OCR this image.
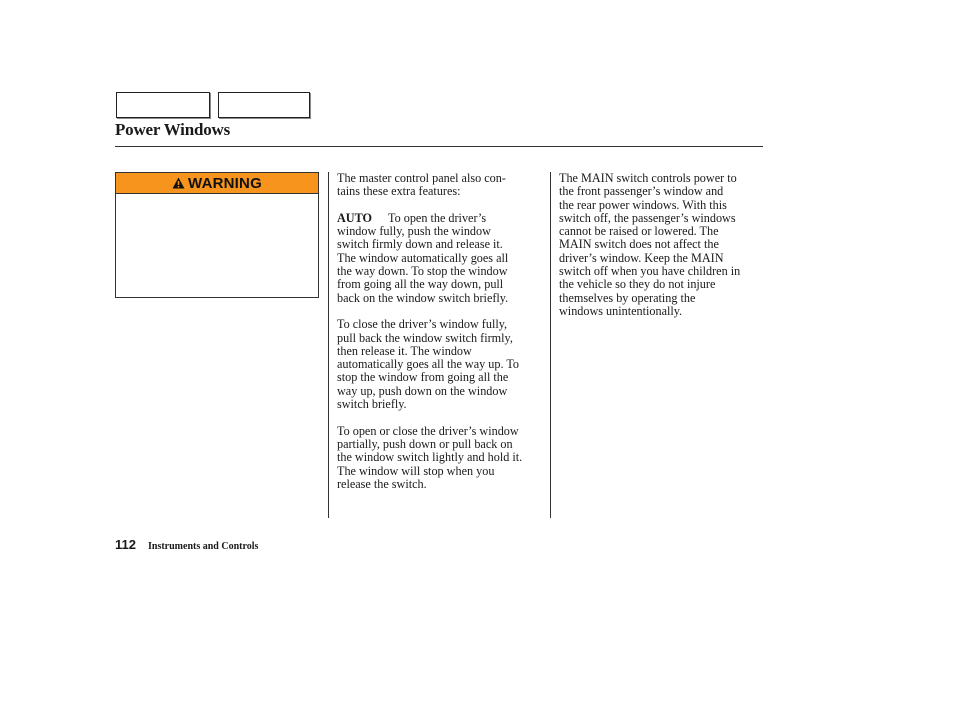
Power Windows
WARNING	The master control panel also con-
tains these extra features:

AUTO To open the driver’s
window fully, push the window
switch firmly down and release it.
The window automatically goes all
the way down. To stop the window
from going all the way down, pull
back on the window switch briefly.

To close the driver’s window fully,
pull back the window switch firmly,
then release it. The window
automatically goes all the way up. To
stop the window from going all the
way up, push down on the window
switch briefly.

To open or close the driver’s window
partially, push down or pull back on
the window switch lightly and hold it.
The window will stop when you
release the switch.

The MAIN switch controls power to
the front passenger’s window and
the rear power windows. With this
switch off, the passenger’s windows
cannot be raised or lowered. The
MAIN switch does not affect the
driver’s window. Keep the MAIN
switch off when you have children in
the vehicle so they do not injure
themselves by operating the
windows unintentionally.

112 Instruments and Controls
